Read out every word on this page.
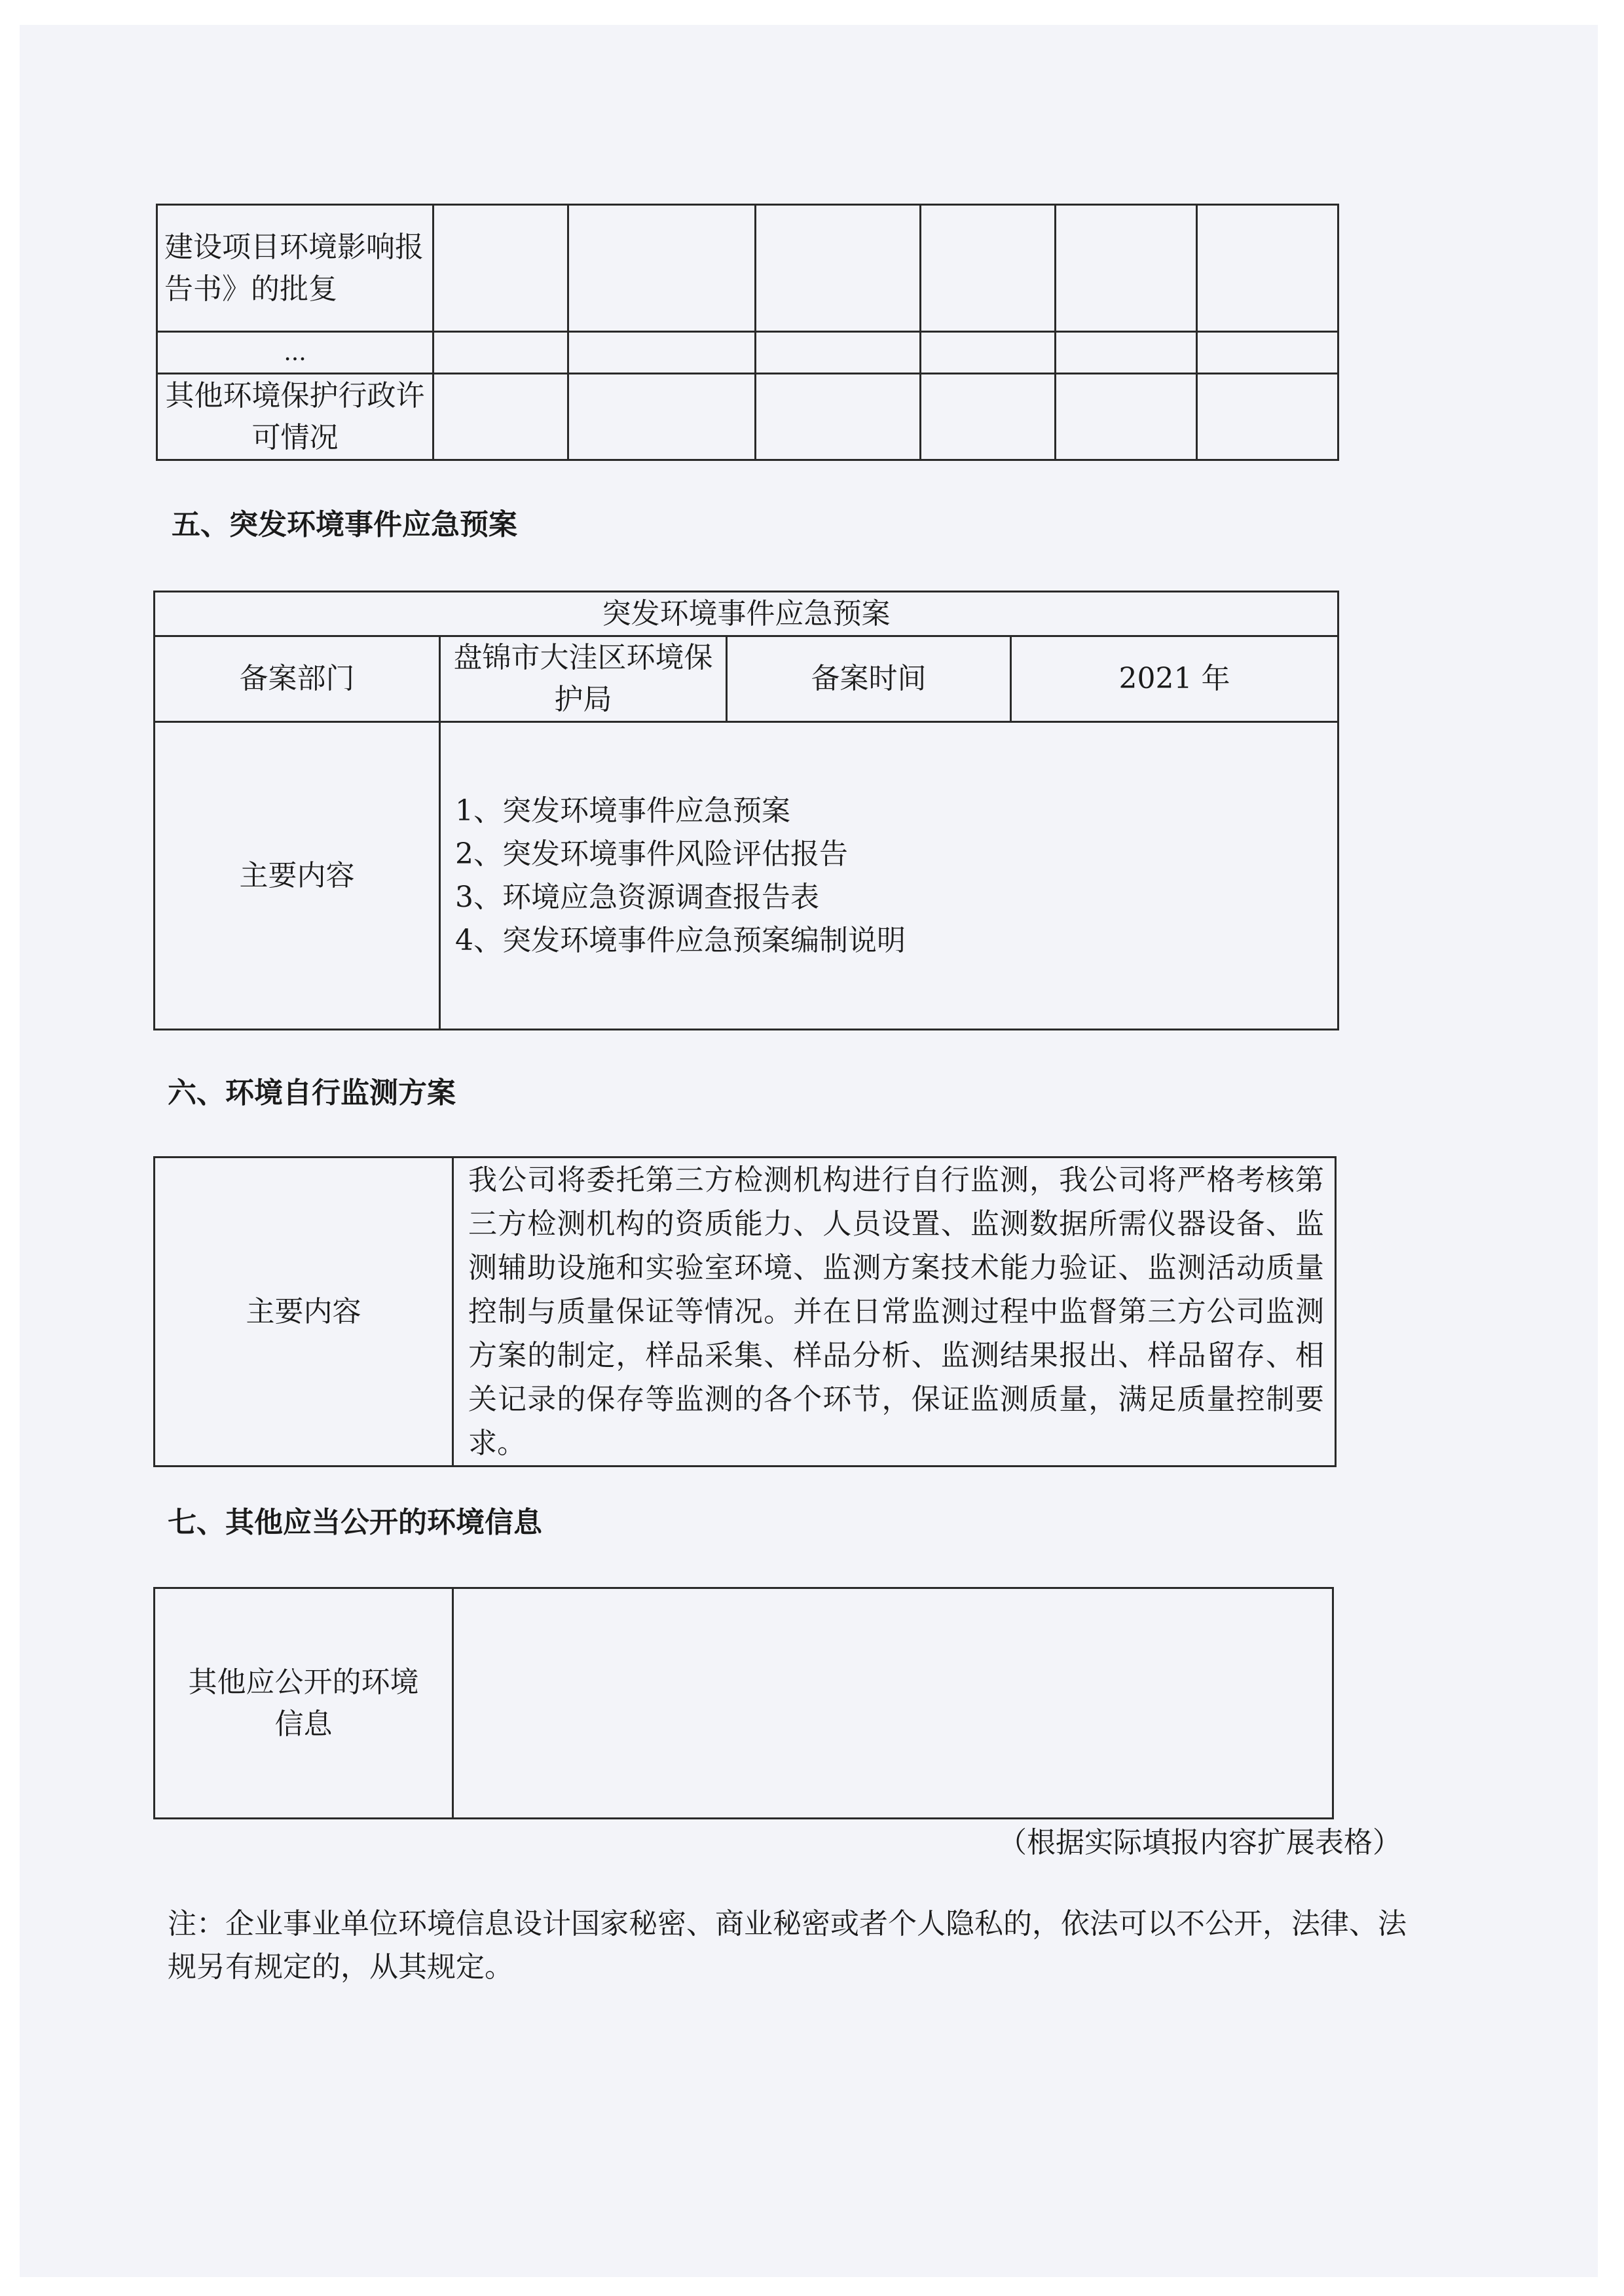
建设项目环境影响报告书》的批复						
...						
其他环境保护行政许可情况						
五、突发环境事件应急预案
突发环境事件应急预案			
备案部门	盘锦市大洼区环境保护局	备案时间	2021 年
主要内容	1、突发环境事件应急预案
2、突发环境事件风险评估报告
3、环境应急资源调查报告表
4、突发环境事件应急预案编制说明		
六、环境自行监测方案
主要内容	我公司将委托第三方检测机构进行自行监测，我公司将严格考核第三方检测机构的资质能力、人员设置、监测数据所需仪器设备、监测辅助设施和实验室环境、监测方案技术能力验证、监测活动质量控制与质量保证等情况。并在日常监测过程中监督第三方公司监测方案的制定，样品采集、样品分析、监测结果报出、样品留存、相关记录的保存等监测的各个环节，保证监测质量，满足质量控制要求。
七、其他应当公开的环境信息
其他应公开的环境信息	
（根据实际填报内容扩展表格）
注：企业事业单位环境信息设计国家秘密、商业秘密或者个人隐私的，依法可以不公开，法律、法规另有规定的，从其规定。
